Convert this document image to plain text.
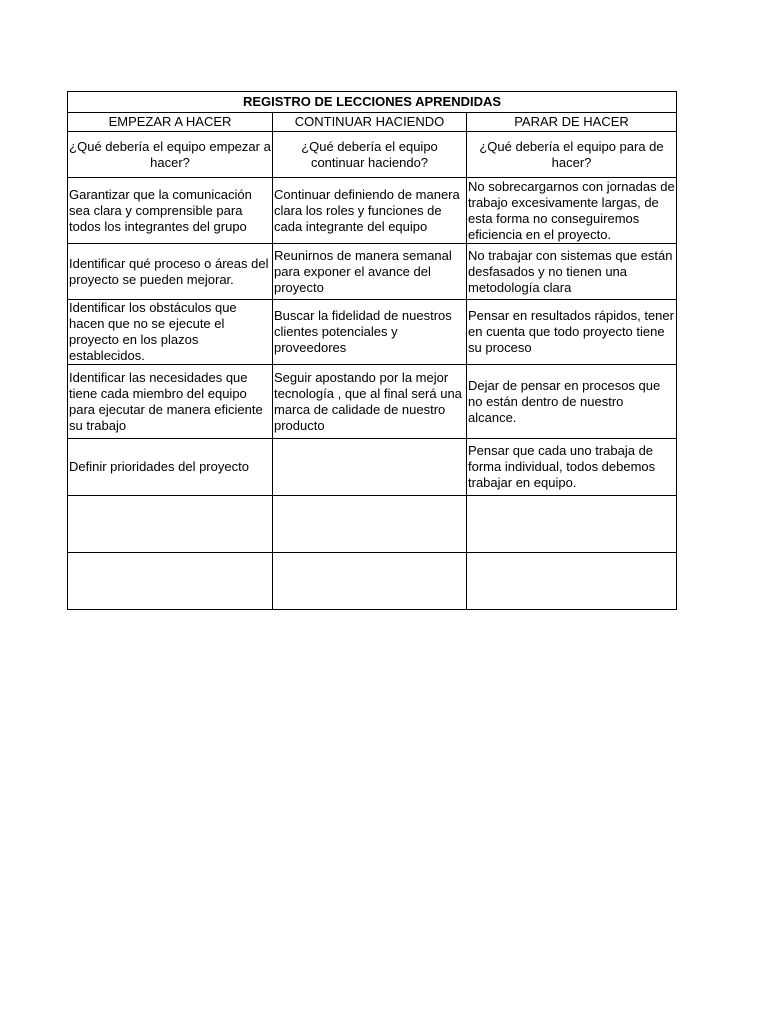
REGISTRO DE LECCIONES APRENDIDAS		
EMPEZAR A HACER	CONTINUAR HACIENDO	PARAR DE HACER
¿Qué debería el equipo empezar a hacer?	¿Qué debería el equipo continuar haciendo?	¿Qué debería el equipo para de hacer?
Garantizar que la comunicación sea clara y comprensible para todos los integrantes del grupo	Continuar definiendo de manera clara los roles y funciones de cada integrante del equipo	No sobrecargarnos con jornadas de trabajo excesivamente largas, de esta forma no conseguiremos eficiencia en el proyecto.
Identificar qué proceso o áreas del proyecto se pueden mejorar.	Reunirnos de manera semanal para exponer el avance del proyecto	No trabajar con sistemas que están desfasados y no tienen una metodología clara
Identificar los obstáculos que hacen que no se ejecute el proyecto en los plazos establecidos.	Buscar la fidelidad de nuestros clientes potenciales y proveedores	Pensar en resultados rápidos, tener en cuenta que todo proyecto tiene su proceso
Identificar las necesidades que tiene cada miembro del equipo para ejecutar de manera eficiente su trabajo	Seguir apostando por la mejor tecnología , que al final será una marca de calidade de nuestro producto	Dejar de pensar en procesos que no están dentro de nuestro alcance.
Definir prioridades del proyecto		Pensar que cada uno trabaja de forma individual, todos debemos trabajar en equipo.
